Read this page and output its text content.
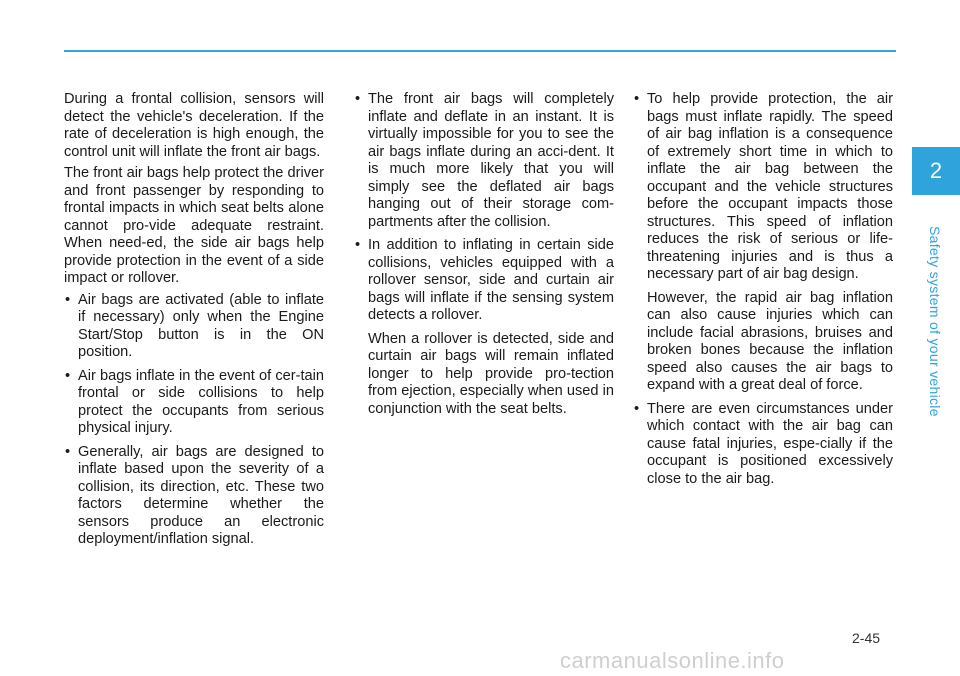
During a frontal collision, sensors will detect the vehicle's deceleration. If the rate of deceleration is high enough, the control unit will inflate the front air bags.

The front air bags help protect the driver and front passenger by responding to frontal impacts in which seat belts alone cannot pro-vide adequate restraint. When need-ed, the side air bags help provide protection in the event of a side impact or rollover.

• Air bags are activated (able to inflate if necessary) only when the Engine Start/Stop button is in the ON position.

• Air bags inflate in the event of cer-tain frontal or side collisions to help protect the occupants from serious physical injury.

• Generally, air bags are designed to inflate based upon the severity of a collision, its direction, etc. These two factors determine whether the sensors produce an electronic deployment/inflation signal.

• The front air bags will completely inflate and deflate in an instant. It is virtually impossible for you to see the air bags inflate during an acci-dent. It is much more likely that you will simply see the deflated air bags hanging out of their storage com-partments after the collision.

• In addition to inflating in certain side collisions, vehicles equipped with a rollover sensor, side and curtain air bags will inflate if the sensing system detects a rollover.

When a rollover is detected, side and curtain air bags will remain inflated longer to help provide pro-tection from ejection, especially when used in conjunction with the seat belts.

• To help provide protection, the air bags must inflate rapidly. The speed of air bag inflation is a consequence of extremely short time in which to inflate the air bag between the occupant and the vehicle structures before the occupant impacts those structures. This speed of inflation reduces the risk of serious or life-threatening injuries and is thus a necessary part of air bag design.

However, the rapid air bag inflation can also cause injuries which can include facial abrasions, bruises and broken bones because the inflation speed also causes the air bags to expand with a great deal of force.

• There are even circumstances under which contact with the air bag can cause fatal injuries, espe-cially if the occupant is positioned excessively close to the air bag.

2
Safety system of your vehicle
2-45
carmanualsonline.info
